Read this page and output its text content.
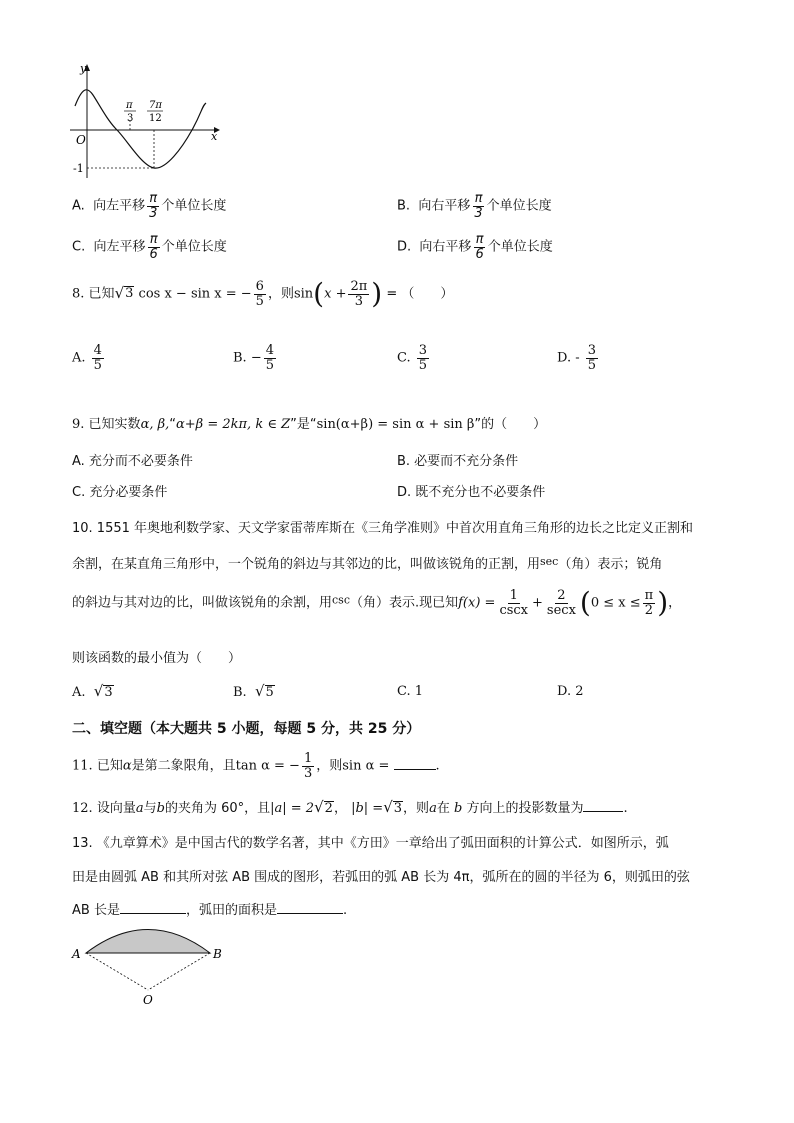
y
x
O
π
3
7π
12
-1
A. 向左平移 $\frac{\pi}{3}$ 个单位长度	B. 向右平移 $\frac{\pi}{3}$ 个单位长度
C. 向左平移 $\frac{\pi}{6}$ 个单位长度	D. 向右平移 $\frac{\pi}{6}$ 个单位长度
8. 已知 √ 3 cos x − sin x = − $\frac{6}{5}$ ，则$\sin(x + \frac{2\pi}{3}$ ) = （　　）
A. $\frac{4}{5}$	B. − $\frac{4}{5}$	C. $\frac{3}{5}$	D. - $\frac{3}{5}$
9. 已知实数α, β,“α+β = 2kπ, k ∈ Z”是“sin(α+β) = sin α + sin β”的（　　）
A. 充分而不必要条件	B. 必要而不充分条件
C. 充分必要条件	D. 既不充分也不必要条件
10. 1551 年奥地利数学家、天文学家雷蒂库斯在《三角学准则》中首次用直角三角形的边长之比定义正割和
余割，在某直角三角形中，一个锐角的斜边与其邻边的比，叫做该锐角的正割，用$^{sec}$（角）表示；锐角
的斜边与其对边的比，叫做该锐角的余割，用$^{csc}$（角）表示.现已知$f(x) = \frac{1}{\csc x} + \frac{2}{\sec x} (0 \le x \le \frac{\pi}{2}$ )，
则该函数的最小值为（　　）
A. √ 3	B. √ 5	C. 1	D. 2
二、填空题（本大题共 5 小题，每题 5 分，共 25 分）
11. 已知α是第二象限角，且tan α = − $\frac{1}{3}$ ，则sin α =	.
12. 设向量a与b的夹角为 60°，且|a| = 2 √ 2 ， |b| = √ 3 ，则a在 b 方向上的投影数量为	.
13. 《九章算术》是中国古代的数学名著，其中《方田》一章给出了弧田面积的计算公式．如图所示，弧
田是由圆弧 AB 和其所对弦 AB 围成的图形，若弧田的弧 AB 长为 4π，弧所在的圆的半径为 6，则弧田的弦
AB 长是	，弧田的面积是	.
A	B
O
